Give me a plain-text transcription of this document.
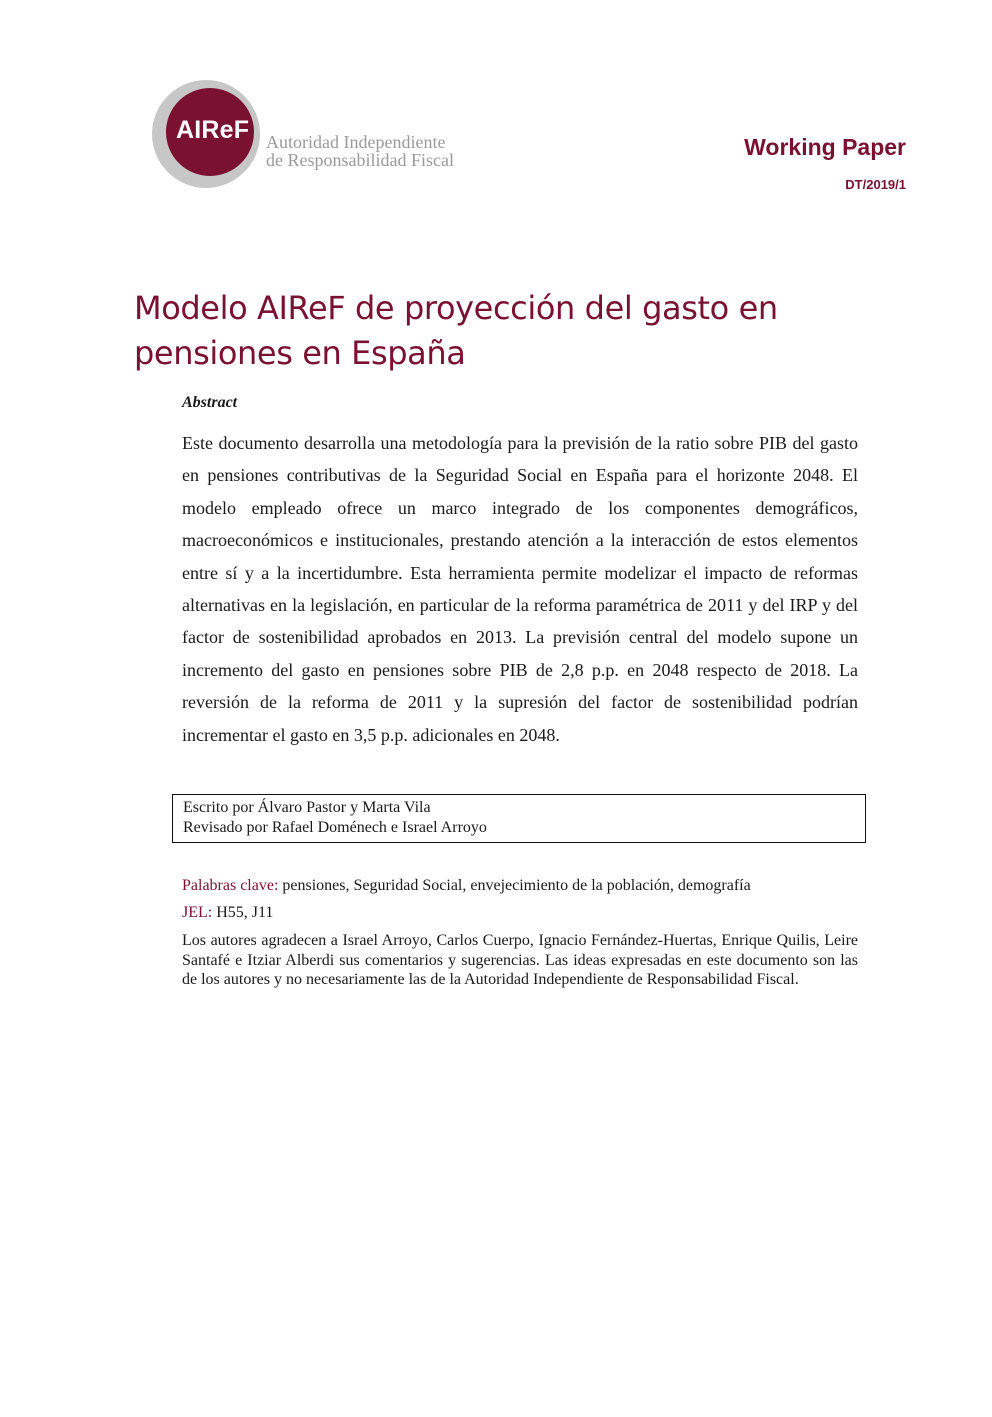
AIReF Autoridad Independiente
de Responsabilidad Fiscal	Working Paper
DT/2019/1
Modelo AIReF de proyección del gasto en pensiones en España
Abstract

Este documento desarrolla una metodología para la previsión de la ratio sobre PIB del gasto en pensiones contributivas de la Seguridad Social en España para el horizonte 2048. El modelo empleado ofrece un marco integrado de los componentes demográficos, macroeconómicos e institucionales, prestando atención a la interacción de estos elementos entre sí y a la incertidumbre. Esta herramienta permite modelizar el impacto de reformas alternativas en la legislación, en particular de la reforma paramétrica de 2011 y del IRP y del factor de sostenibilidad aprobados en 2013. La previsión central del modelo supone un incremento del gasto en pensiones sobre PIB de 2,8 p.p. en 2048 respecto de 2018. La reversión de la reforma de 2011 y la supresión del factor de sostenibilidad podrían incrementar el gasto en 3,5 p.p. adicionales en 2048.

Escrito por Álvaro Pastor y Marta Vila
Revisado por Rafael Doménech e Israel Arroyo
Palabras clave: pensiones, Seguridad Social, envejecimiento de la población, demografía
JEL: H55, J11

Los autores agradecen a Israel Arroyo, Carlos Cuerpo, Ignacio Fernández-Huertas, Enrique Quilis, Leire Santafé e Itziar Alberdi sus comentarios y sugerencias. Las ideas expresadas en este documento son las de los autores y no necesariamente las de la Autoridad Independiente de Responsabilidad Fiscal.
